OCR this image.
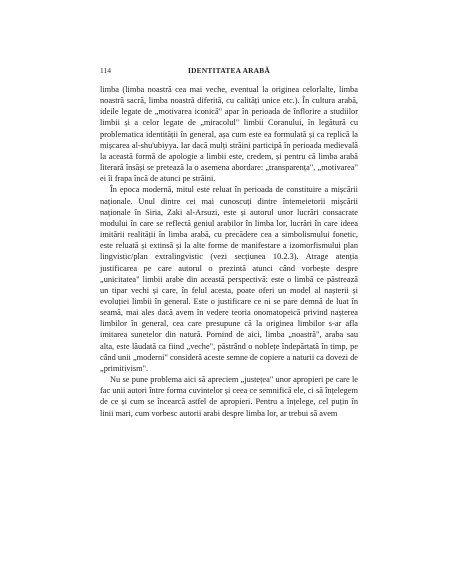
114	IDENTITATEA ARABĂ

limba (limba noastră cea mai veche, eventual la originea celorlalte, limba noastră sacră, limba noastră diferită, cu calități unice etc.). În cultura arabă, ideile legate de „motivarea iconică" apar în perioada de înflorire a studiilor limbii și a celor legate de „miracolul" limbii Coranului, în legătură cu problematica identității în general, așa cum este ea formulată și ca replică la mișcarea al-shu'ubiyya. Iar dacă mulți străini participă în perioada medievală la această formă de apologie a limbii este, credem, și pentru că limba arabă literară însăși se pretează la o asemena abordare: „transparența", „motivarea" ei îi frapa încă de atunci pe străini.

În epoca modernă, mitul este reluat în perioada de constituire a mișcării naționale. Unul dintre cei mai cunoscuți dintre întemeietorii mișcării naționale în Siria, Zaki al-Arsuzi, este și autorul unor lucrări consacrate modului în care se reflectă geniul arabilor în limba lor, lucrări în care ideea imitării realității în limba arabă, cu precădere cea a simbolismului fonetic, este reluată și extinsă și la alte forme de manifestare a izomorfismului plan lingvistic/plan extralingvistic (vezi secțiunea 10.2.3). Atrage atenția justificarea pe care autorul o prezintă atunci când vorbește despre „unicitatea" limbii arabe din această perspectivă: este o limbă ce păstrează un tipar vechi și care, în felul acesta, poate oferi un model al nașterii și evoluției limbii în general. Este o justificare ce ni se pare demnă de luat în seamă, mai ales dacă avem în vedere teoria onomatopeică privind nașterea limbilor în general, cea care presupune că la originea limbilor s-ar afla imitarea sunetelor din natură. Pornind de aici, limba „noastră", araba sau alta, este lăudată ca fiind „veche", păstrând o noblețe îndepărtată în timp, pe când unii „moderni" consideră aceste semne de copiere a naturii ca dovezi de „primitivism".

Nu se pune problema aici să apreciem „justețea" unor apropieri pe care le fac unii autori între forma cuvintelor și ceea ce semnifică ele, ci să înțelegem de ce și cum se încearcă astfel de apropieri. Pentru a înțelege, cel puțin în linii mari, cum vorbesc autorii arabi despre limba lor, ar trebui să avem
